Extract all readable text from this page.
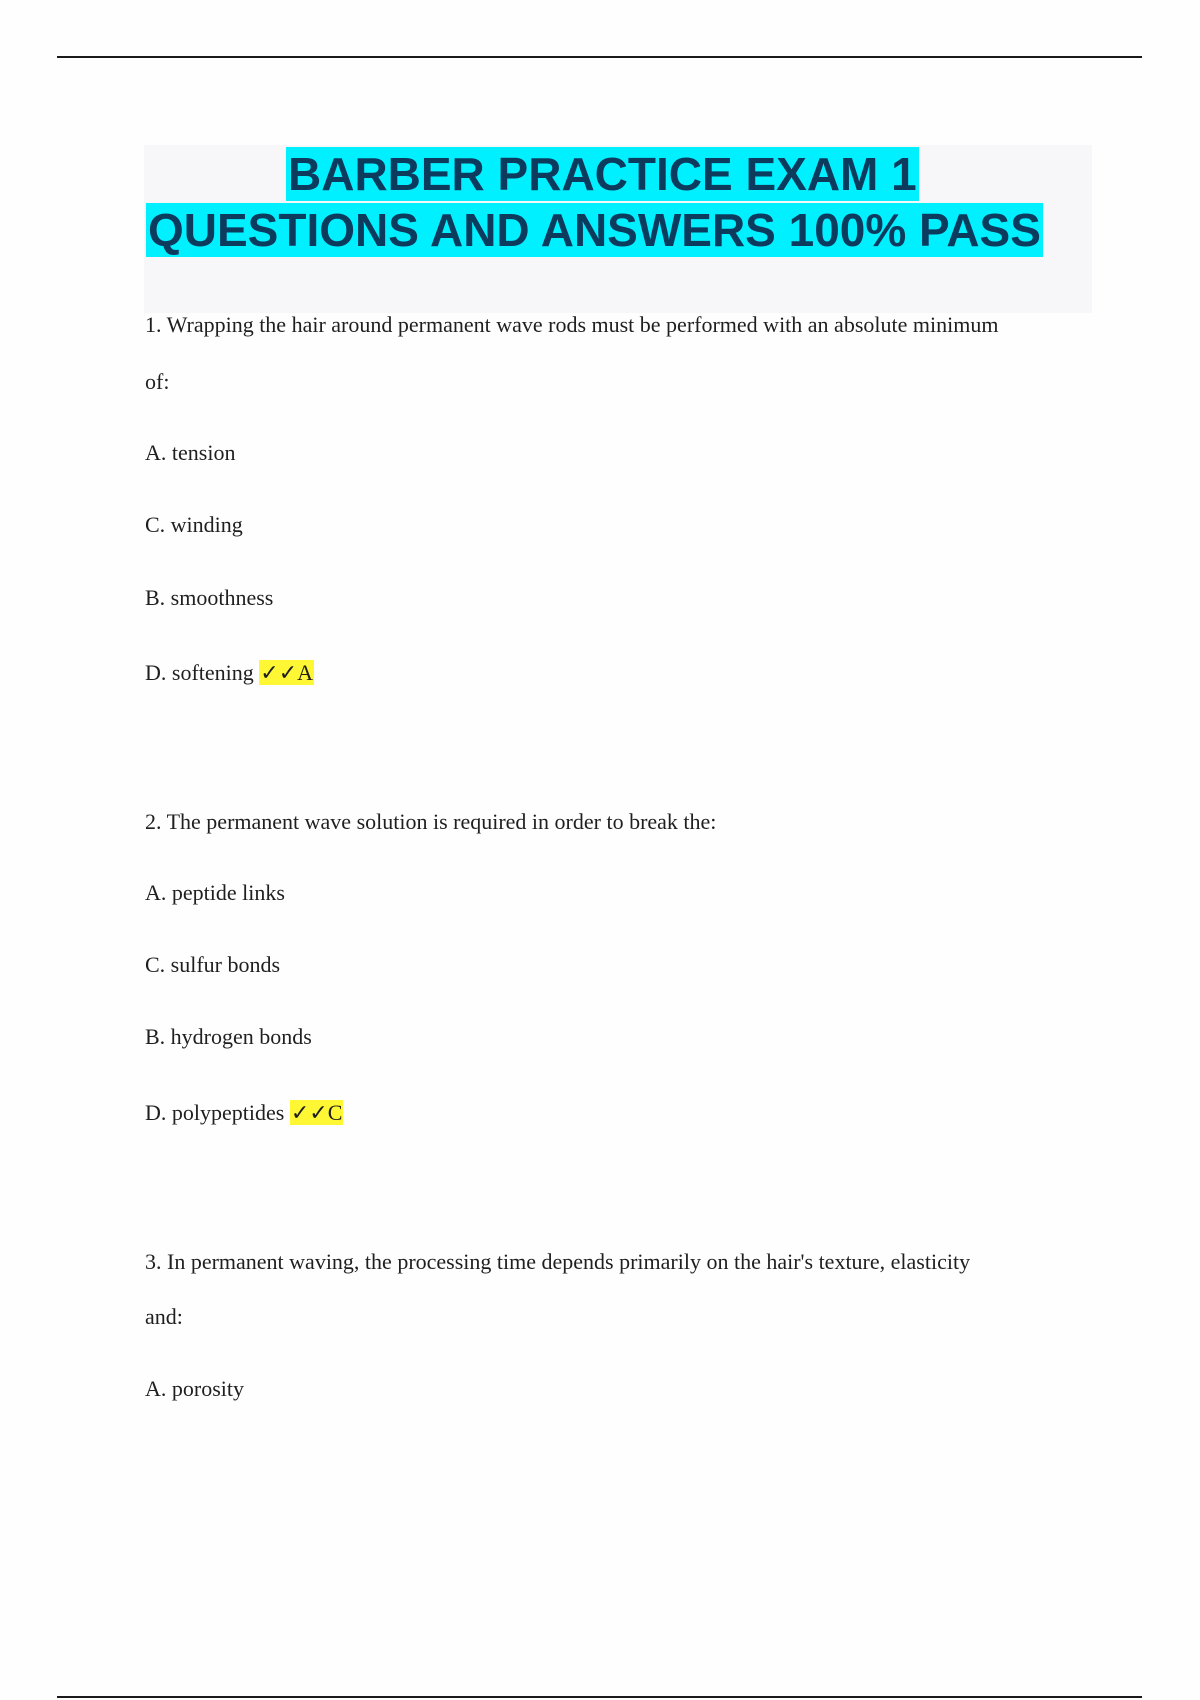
BARBER PRACTICE EXAM 1
QUESTIONS AND ANSWERS 100% PASS
1. Wrapping the hair around permanent wave rods must be performed with an absolute minimum
of:
A. tension
C. winding
B. smoothness
D. softening ✓✓A
2. The permanent wave solution is required in order to break the:
A. peptide links
C. sulfur bonds
B. hydrogen bonds
D. polypeptides ✓✓C
3. In permanent waving, the processing time depends primarily on the hair's texture, elasticity
and:
A. porosity
